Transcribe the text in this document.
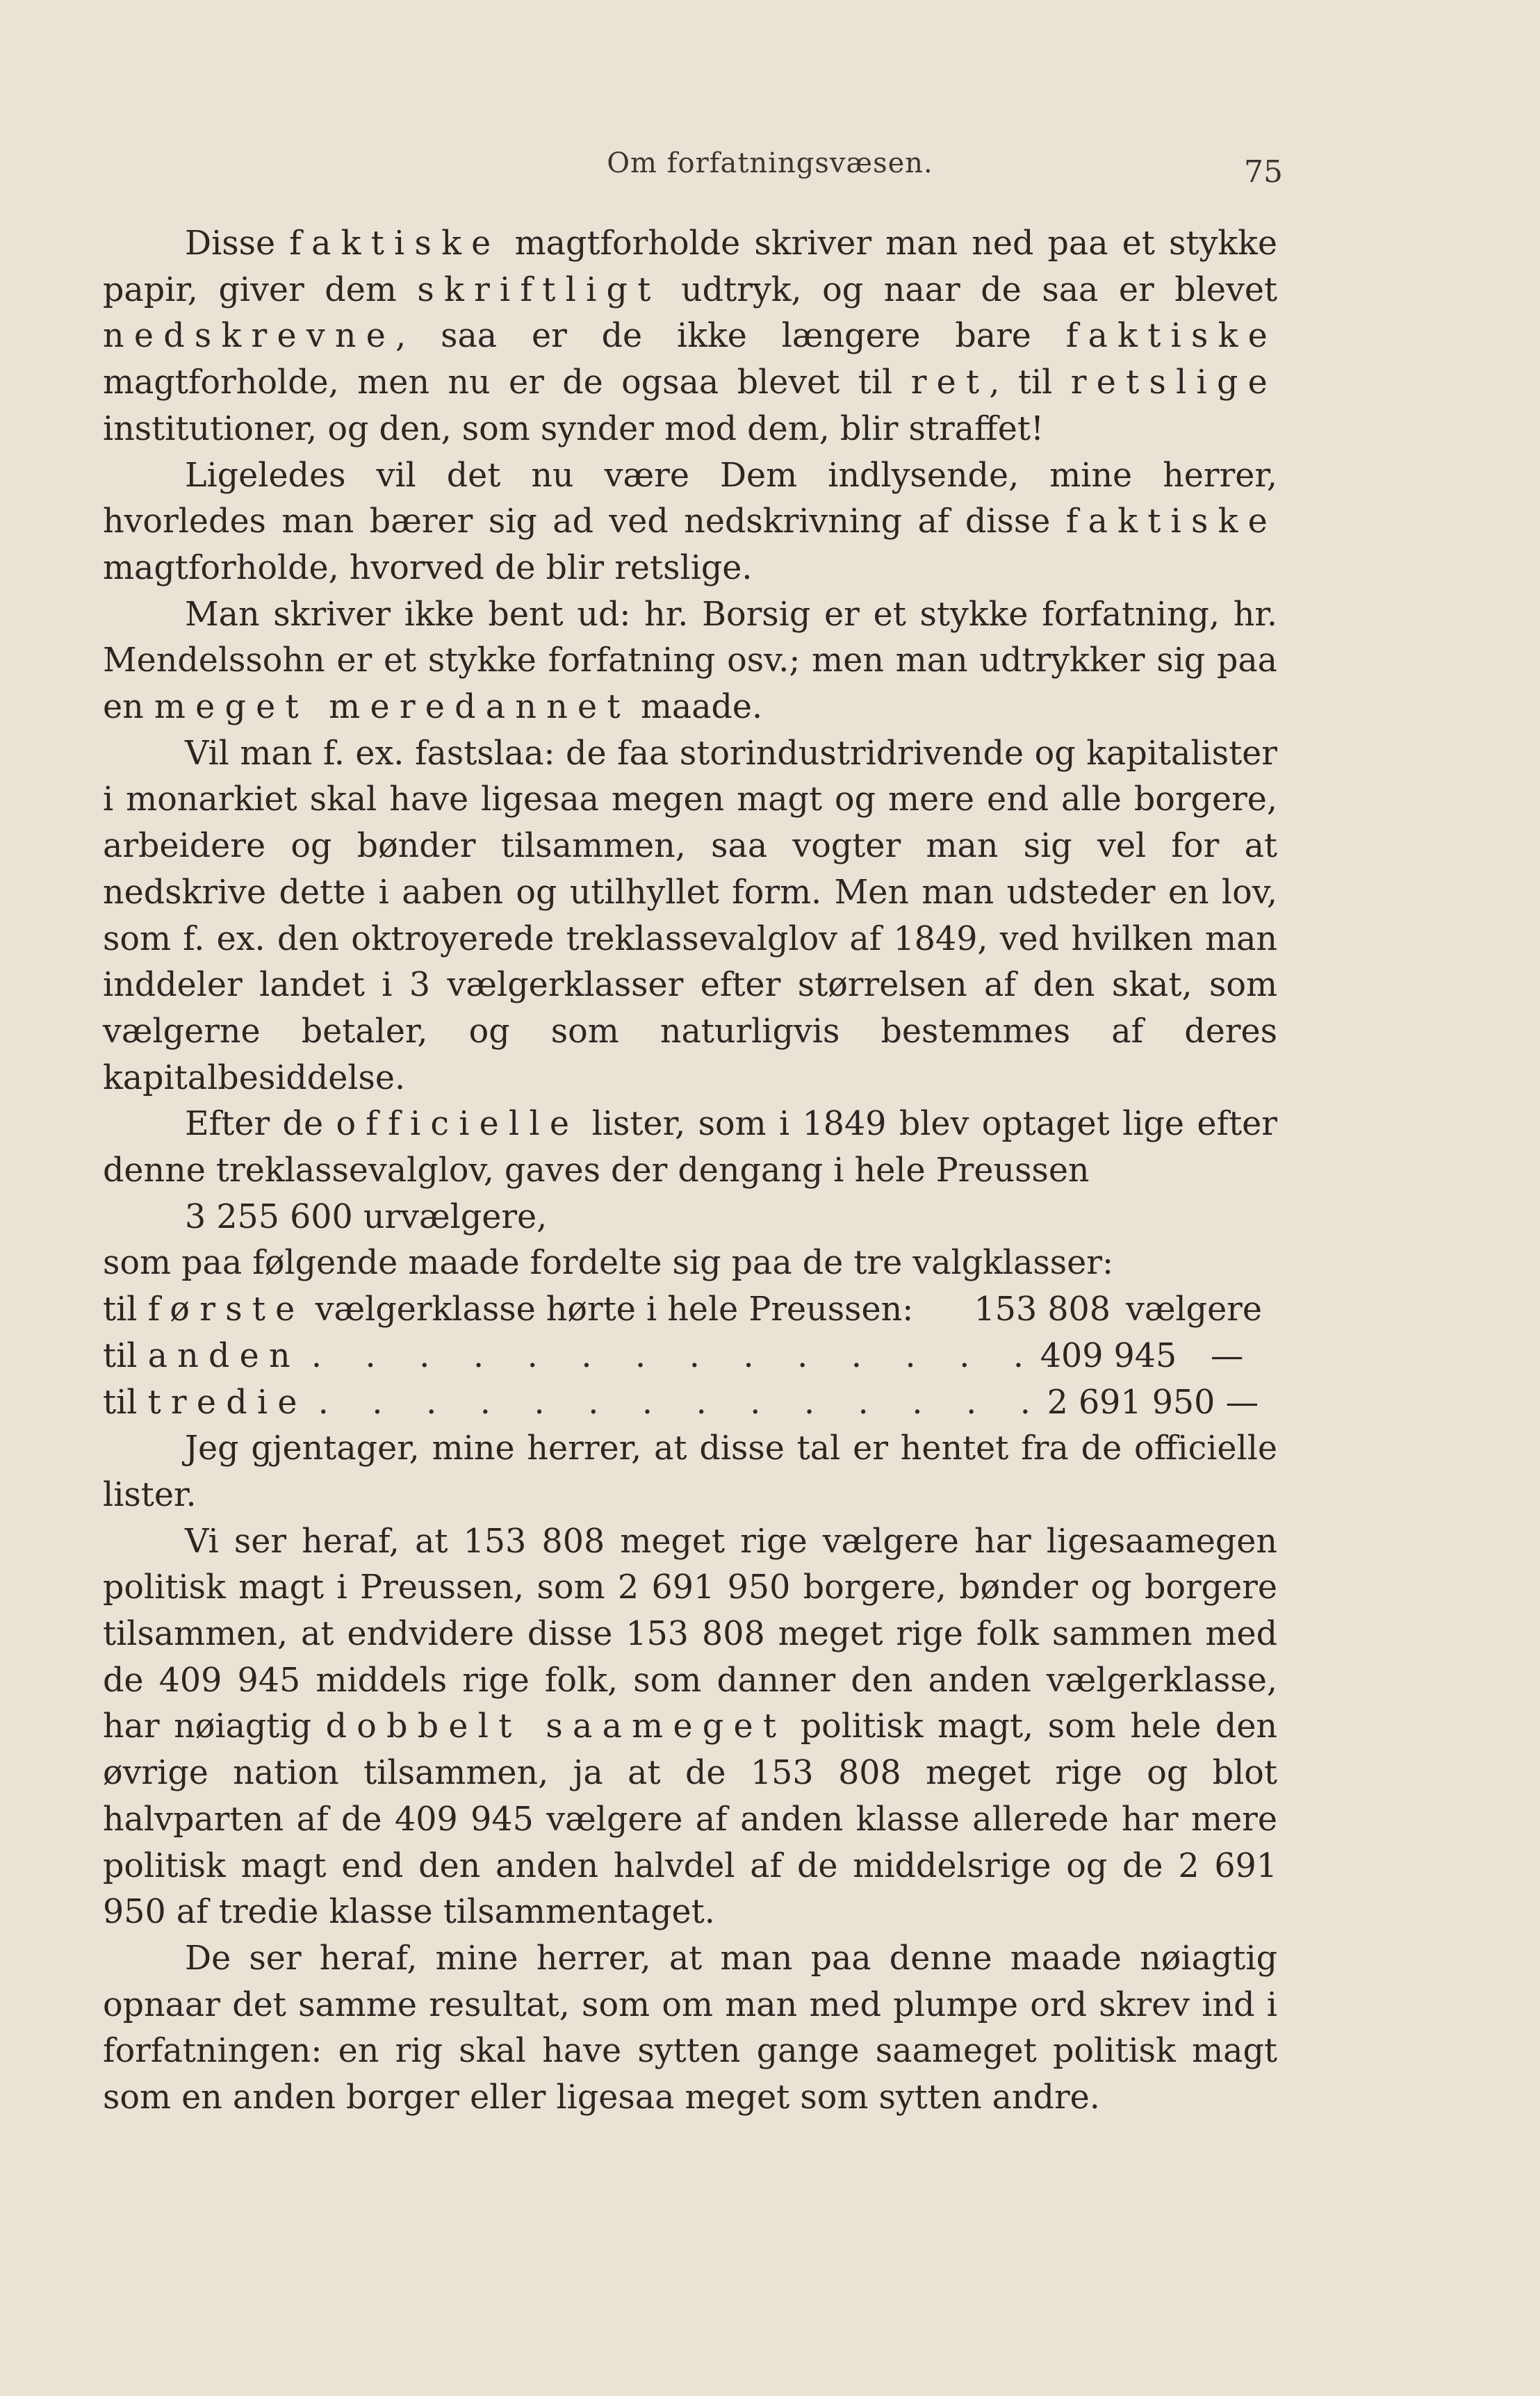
Om forfatningsvæsen.	75

Disse faktiske magtforholde skriver man ned paa et stykke papir, giver dem skriftligt udtryk, og naar de saa er blevet nedskrevne, saa er de ikke længere bare faktiske magtforholde, men nu er de ogsaa blevet til ret, til retslige institutioner, og den, som synder mod dem, blir straffet!

Ligeledes vil det nu være Dem indlysende, mine herrer, hvorledes man bærer sig ad ved nedskrivning af disse faktiske magtforholde, hvorved de blir retslige.

Man skriver ikke bent ud: hr. Borsig er et stykke forfatning, hr. Mendelssohn er et stykke forfatning osv.; men man udtrykker sig paa en meget meredannet maade.

Vil man f. ex. fastslaa: de faa storindustridrivende og kapitalister i monarkiet skal have ligesaa megen magt og mere end alle borgere, arbeidere og bønder tilsammen, saa vogter man sig vel for at nedskrive dette i aaben og utilhyllet form. Men man udsteder en lov, som f. ex. den oktroyerede treklassevalglov af 1849, ved hvilken man inddeler landet i 3 vælgerklasser efter størrelsen af den skat, som vælgerne betaler, og som naturligvis bestemmes af deres kapitalbesiddelse.

Efter de officielle lister, som i 1849 blev optaget lige efter denne treklassevalglov, gaves der dengang i hele Preussen

3 255 600 urvælgere,

som paa følgende maade fordelte sig paa de tre valgklasser:

til første vælgerklasse hørte i hele Preussen:	153 808 vælgere
til anden . . . . . . . . . . . . . . 409 945	—
til tredie . . . . . . . . . . . . . . 2 691 950 —

Jeg gjentager, mine herrer, at disse tal er hentet fra de officielle lister.

Vi ser heraf, at 153 808 meget rige vælgere har ligesaamegen politisk magt i Preussen, som 2 691 950 borgere, bønder og borgere tilsammen, at endvidere disse 153 808 meget rige folk sammen med de 409 945 middels rige folk, som danner den anden vælgerklasse, har nøiagtig dobbelt saameget politisk magt, som hele den øvrige nation tilsammen, ja at de 153 808 meget rige og blot halvparten af de 409 945 vælgere af anden klasse allerede har mere politisk magt end den anden halvdel af de middelsrige og de 2 691 950 af tredie klasse tilsammentaget.

De ser heraf, mine herrer, at man paa denne maade nøiagtig opnaar det samme resultat, som om man med plumpe ord skrev ind i forfatningen: en rig skal have sytten gange saameget politisk magt som en anden borger eller ligesaa meget som sytten andre.
